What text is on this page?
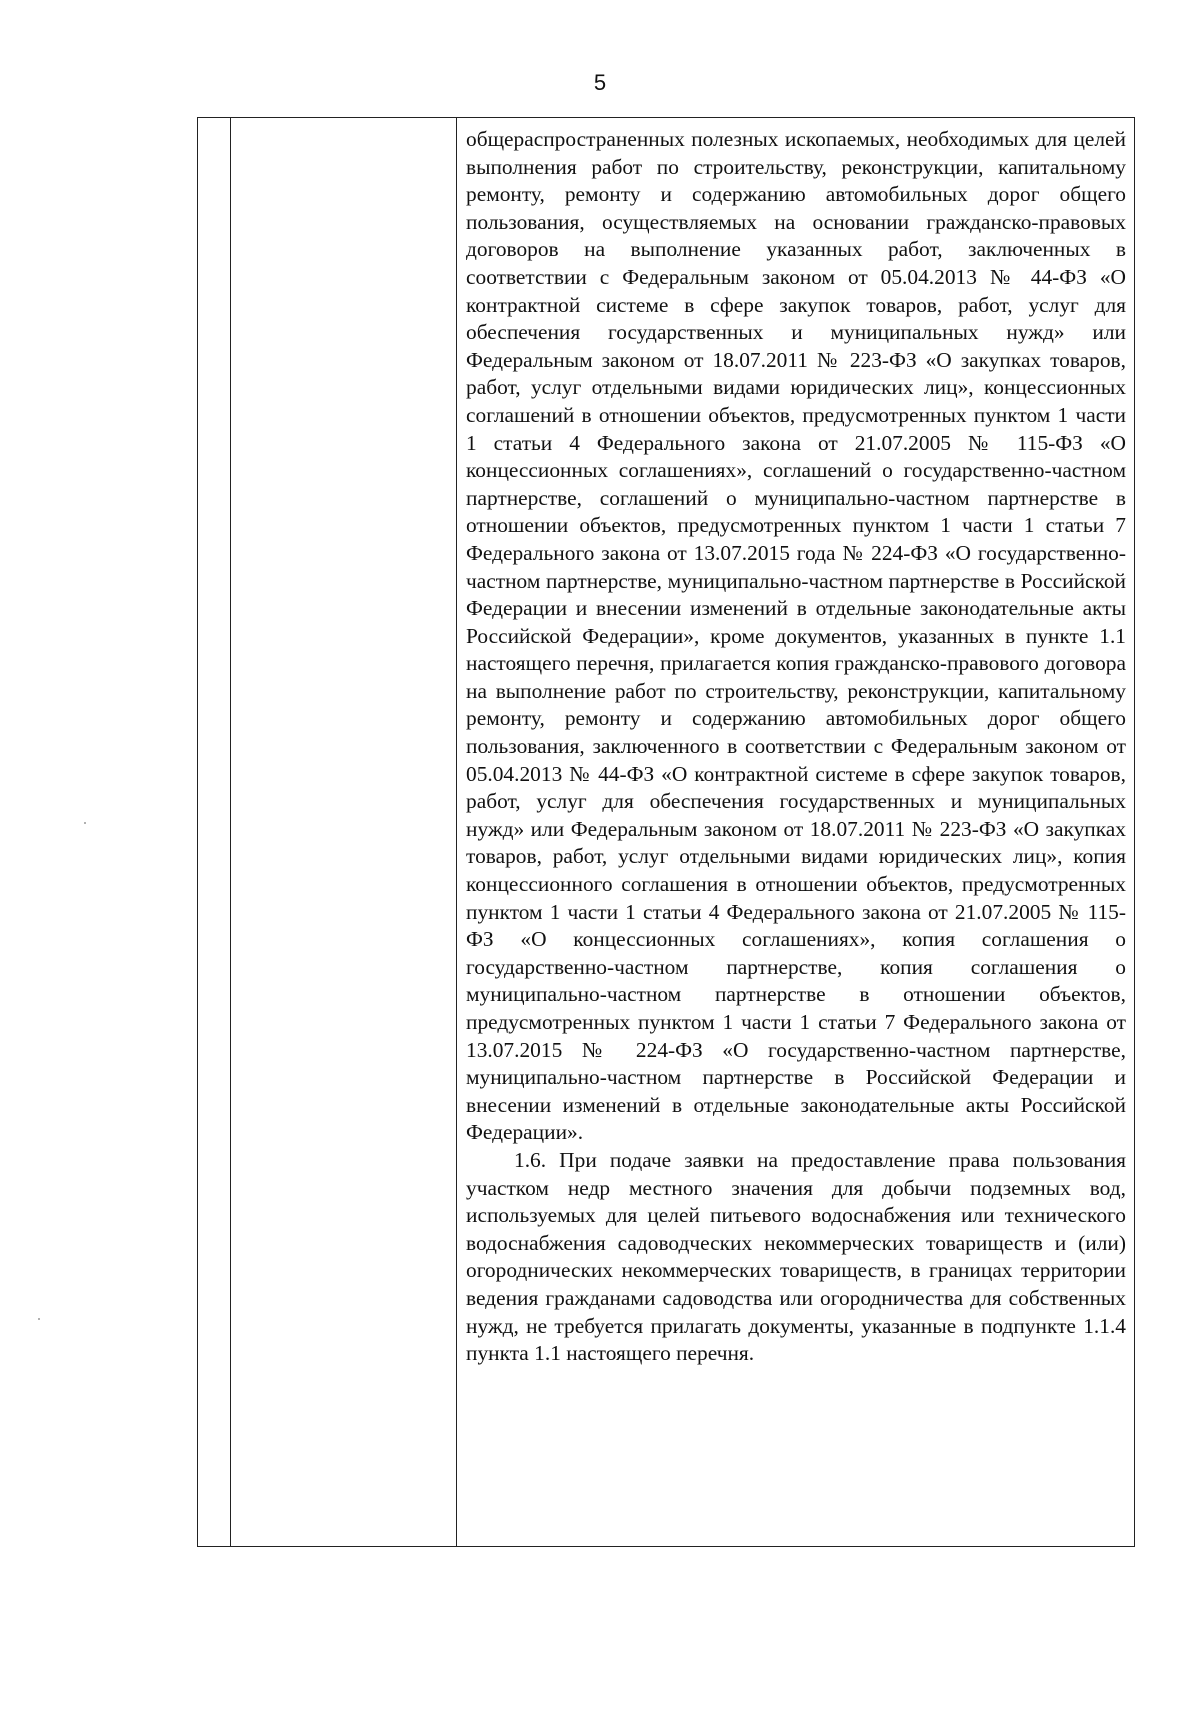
5

общераспространенных полезных ископаемых, необходимых для целей выполнения работ по строительству, реконструкции, капитальному ремонту, ремонту и содержанию автомобильных дорог общего пользования, осуществляемых на основании гражданско-правовых договоров на выполнение указанных работ, заключенных в соответствии с Федеральным законом от 05.04.2013 № 44-ФЗ «О контрактной системе в сфере закупок товаров, работ, услуг для обеспечения государственных и муниципальных нужд» или Федеральным законом от 18.07.2011 № 223-ФЗ «О закупках товаров, работ, услуг отдельными видами юридических лиц», концессионных соглашений в отношении объектов, предусмотренных пунктом 1 части 1 статьи 4 Федерального закона от 21.07.2005 № 115-ФЗ «О концессионных соглашениях», соглашений о государственно-частном партнерстве, соглашений о муниципально-частном партнерстве в отношении объектов, предусмотренных пунктом 1 части 1 статьи 7 Федерального закона от 13.07.2015 года № 224-ФЗ «О государственно-частном партнерстве, муниципально-частном партнерстве в Российской Федерации и внесении изменений в отдельные законодательные акты Российской Федерации», кроме документов, указанных в пункте 1.1 настоящего перечня, прилагается копия гражданско-правового договора на выполнение работ по строительству, реконструкции, капитальному ремонту, ремонту и содержанию автомобильных дорог общего пользования, заключенного в соответствии с Федеральным законом от 05.04.2013 № 44-ФЗ «О контрактной системе в сфере закупок товаров, работ, услуг для обеспечения государственных и муниципальных нужд» или Федеральным законом от 18.07.2011 № 223-ФЗ «О закупках товаров, работ, услуг отдельными видами юридических лиц», копия концессионного соглашения в отношении объектов, предусмотренных пунктом 1 части 1 статьи 4 Федерального закона от 21.07.2005 № 115-ФЗ «О концессионных соглашениях», копия соглашения о государственно-частном партнерстве, копия соглашения о муниципально-частном партнерстве в отношении объектов, предусмотренных пунктом 1 части 1 статьи 7 Федерального закона от 13.07.2015 № 224-ФЗ «О государственно-частном партнерстве, муниципально-частном партнерстве в Российской Федерации и внесении изменений в отдельные законодательные акты Российской Федерации».

1.6. При подаче заявки на предоставление права пользования участком недр местного значения для добычи подземных вод, используемых для целей питьевого водоснабжения или технического водоснабжения садоводческих некоммерческих товариществ и (или) огороднических некоммерческих товариществ, в границах территории ведения гражданами садоводства или огородничества для собственных нужд, не требуется прилагать документы, указанные в подпункте 1.1.4 пункта 1.1 настоящего перечня.
